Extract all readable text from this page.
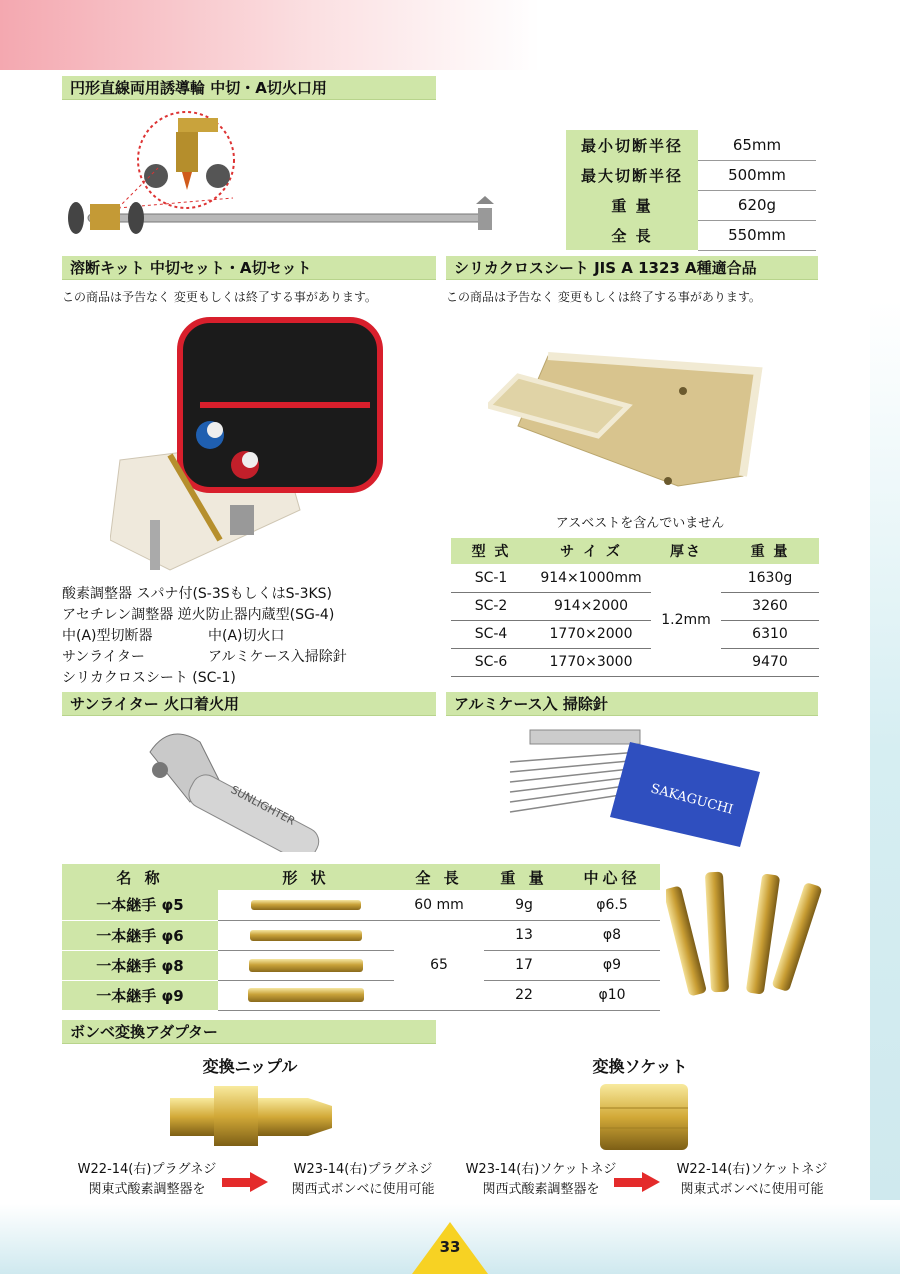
円形直線両用誘導輪 中切・A切火口用
最小切断半径	65mm
最大切断半径	500mm
重 量	620g
全 長	550mm
溶断キット 中切セット・A切セット	シリカクロスシート JIS A 1323 A種適合品
この商品は予告なく 変更もしくは終了する事があります。	この商品は予告なく 変更もしくは終了する事があります。
アスベストを含んでいません
型 式	サ イ ズ	厚さ	重 量
SC-1	914×1000mm	1.2mm	1630g
SC-2	914×2000		3260
SC-4	1770×2000		6310
SC-6	1770×3000		9470
酸素調整器 スパナ付(S-3SもしくはS-3KS)
アセチレン調整器 逆火防止器内蔵型(SG-4)
中(A)型切断器	中(A)切火口
サンライター	アルミケース入掃除針
シリカクロスシート (SC-1)
サンライター 火口着火用	アルミケース入 掃除針
SUNLIGHTER	SAKAGUCHI
名 称	形 状	全 長	重 量	中心径
一本継手 φ5		60 mm	9g	φ6.5
一本継手 φ6		65	13	φ8
一本継手 φ8			17	φ9
一本継手 φ9			22	φ10
ボンベ変換アダプター
変換ニップル	変換ソケット
W22-14(右)プラグネジ
関東式酸素調整器を
W23-14(右)プラグネジ
関西式ボンベに使用可能
W23-14(右)ソケットネジ
関西式酸素調整器を
W22-14(右)ソケットネジ
関東式ボンベに使用可能
33
